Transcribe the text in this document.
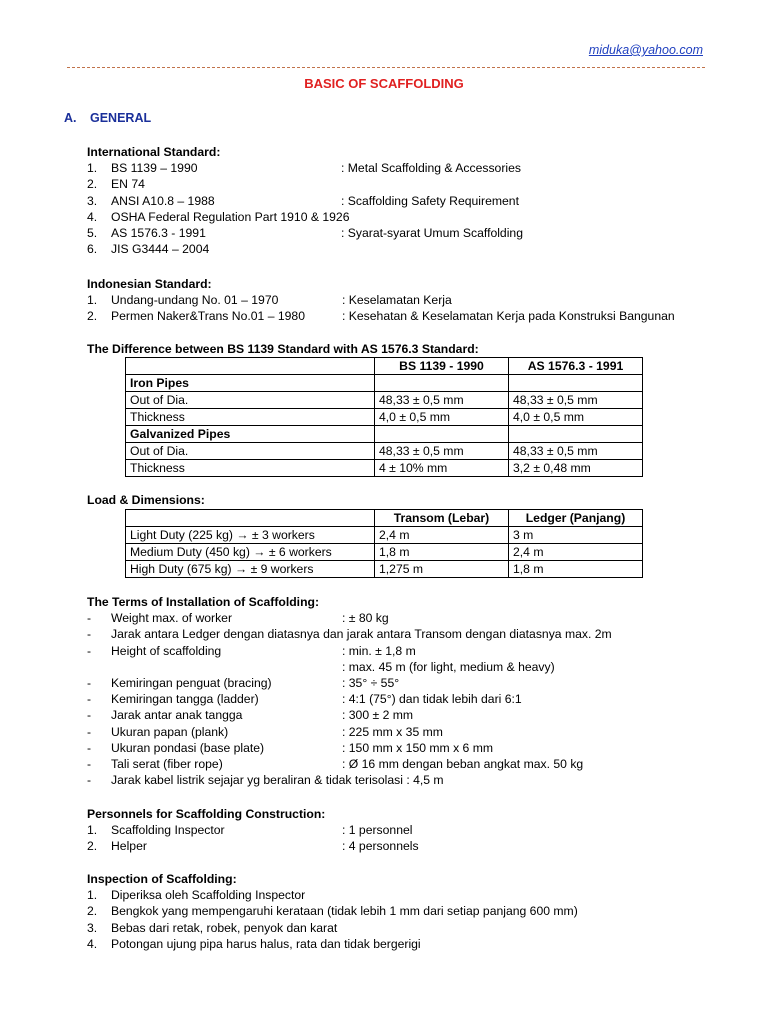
miduka@yahoo.com
BASIC OF SCAFFOLDING
A. GENERAL
International Standard:
1. BS 1139 – 1990	: Metal Scaffolding & Accessories
2. EN 74
3. ANSI A10.8 – 1988	: Scaffolding Safety Requirement
4. OSHA Federal Regulation Part 1910 & 1926
5. AS 1576.3 - 1991	: Syarat-syarat Umum Scaffolding
6. JIS G3444 – 2004
Indonesian Standard:
1. Undang-undang No. 01 – 1970	: Keselamatan Kerja
2. Permen Naker&Trans No.01 – 1980	: Kesehatan & Keselamatan Kerja pada Konstruksi Bangunan
The Difference between BS 1139 Standard with AS 1576.3 Standard:
	BS 1139 - 1990	AS 1576.3 - 1991
Iron Pipes		
Out of Dia.	48,33 ± 0,5 mm	48,33 ± 0,5 mm
Thickness	4,0 ± 0,5 mm	4,0 ± 0,5 mm
Galvanized Pipes		
Out of Dia.	48,33 ± 0,5 mm	48,33 ± 0,5 mm
Thickness	4 ± 10% mm	3,2 ± 0,48 mm
Load & Dimensions:
	Transom (Lebar)	Ledger (Panjang)
Light Duty (225 kg) → ± 3 workers	2,4 m	3 m
Medium Duty (450 kg) → ± 6 workers	1,8 m	2,4 m
High Duty (675 kg) → ± 9 workers	1,275 m	1,8 m
The Terms of Installation of Scaffolding:
- Weight max. of worker	: ± 80 kg
- Jarak antara Ledger dengan diatasnya dan jarak antara Transom dengan diatasnya max. 2m
- Height of scaffolding	: min. ± 1,8 m
: max. 45 m (for light, medium & heavy)
- Kemiringan penguat (bracing)	: 35° ÷ 55°
- Kemiringan tangga (ladder)	: 4:1 (75°) dan tidak lebih dari 6:1
- Jarak antar anak tangga	: 300 ± 2 mm
- Ukuran papan (plank)	: 225 mm x 35 mm
- Ukuran pondasi (base plate)	: 150 mm x 150 mm x 6 mm
- Tali serat (fiber rope)	: Ø 16 mm dengan beban angkat max. 50 kg
- Jarak kabel listrik sejajar yg beraliran & tidak terisolasi : 4,5 m
Personnels for Scaffolding Construction:
1. Scaffolding Inspector	: 1 personnel
2. Helper	: 4 personnels
Inspection of Scaffolding:
1. Diperiksa oleh Scaffolding Inspector
2. Bengkok yang mempengaruhi kerataan (tidak lebih 1 mm dari setiap panjang 600 mm)
3. Bebas dari retak, robek, penyok dan karat
4. Potongan ujung pipa harus halus, rata dan tidak bergerigi
